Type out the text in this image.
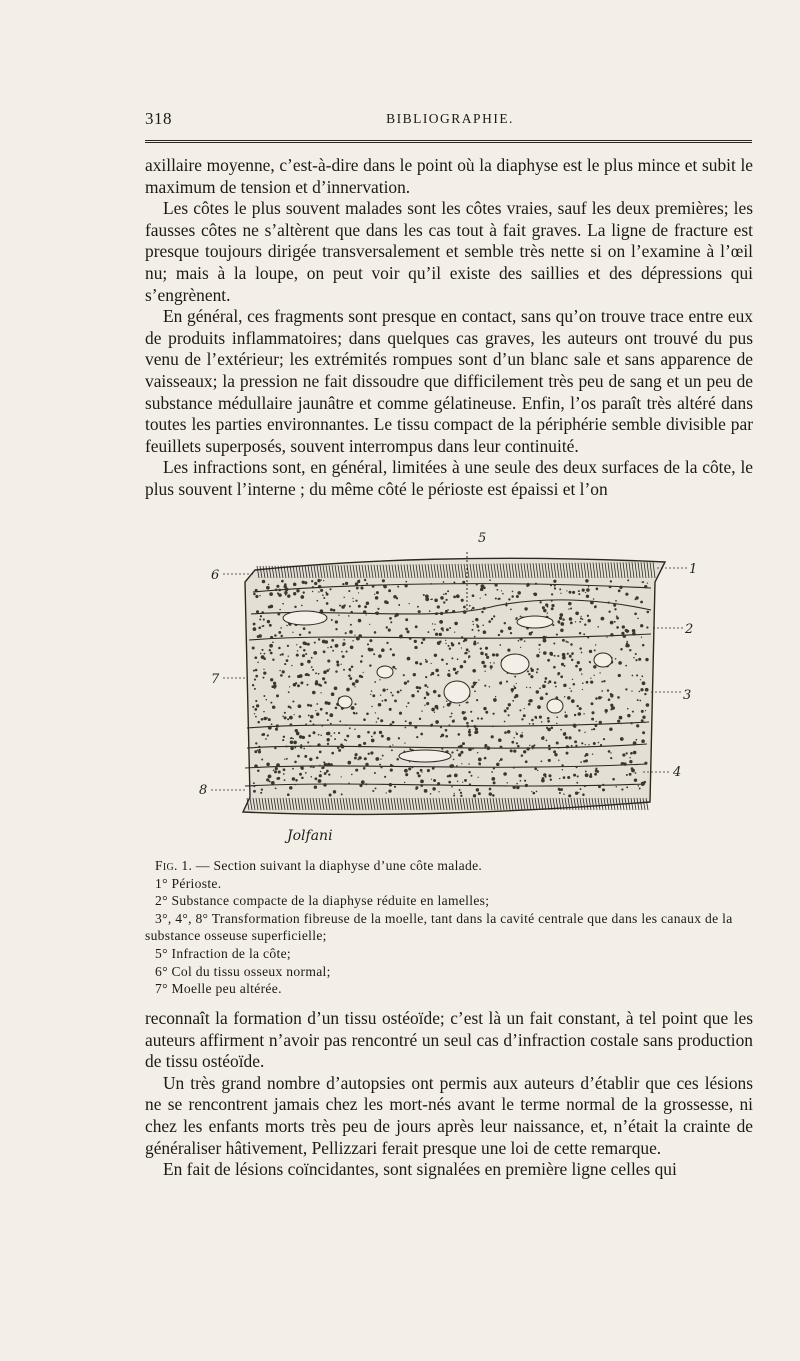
318	BIBLIOGRAPHIE.

axillaire moyenne, c’est-à-dire dans le point où la diaphyse est le plus mince et subit le maximum de tension et d’innervation.

Les côtes le plus souvent malades sont les côtes vraies, sauf les deux premières; les fausses côtes ne s’altèrent que dans les cas tout à fait graves. La ligne de fracture est presque toujours dirigée transversalement et semble très nette si on l’examine à l’œil nu; mais à la loupe, on peut voir qu’il existe des saillies et des dépressions qui s’engrènent.

En général, ces fragments sont presque en contact, sans qu’on trouve trace entre eux de produits inflammatoires; dans quelques cas graves, les auteurs ont trouvé du pus venu de l’extérieur; les extrémités rompues sont d’un blanc sale et sans apparence de vaisseaux; la pression ne fait dissoudre que difficilement très peu de sang et un peu de substance médullaire jaunâtre et comme gélatineuse. Enfin, l’os paraît très altéré dans toutes les parties environnantes. Le tissu compact de la périphérie semble divisible par feuillets superposés, souvent interrompus dans leur continuité.

Les infractions sont, en général, limitées à une seule des deux surfaces de la côte, le plus souvent l’interne ; du même côté le périoste est épaissi et l’on

5
6	1
2
7
3
4
8
Jolfani
Fig. 1. — Section suivant la diaphyse d’une côte malade.
1° Périoste.
2° Substance compacte de la diaphyse réduite en lamelles;
3°, 4°, 8° Transformation fibreuse de la moelle, tant dans la cavité centrale que dans les canaux de la substance osseuse superficielle;
5° Infraction de la côte;
6° Col du tissu osseux normal;
7° Moelle peu altérée.

reconnaît la formation d’un tissu ostéoïde; c’est là un fait constant, à tel point que les auteurs affirment n’avoir pas rencontré un seul cas d’infraction costale sans production de tissu ostéoïde.

Un très grand nombre d’autopsies ont permis aux auteurs d’établir que ces lésions ne se rencontrent jamais chez les mort-nés avant le terme normal de la grossesse, ni chez les enfants morts très peu de jours après leur naissance, et, n’était la crainte de généraliser hâtivement, Pellizzari ferait presque une loi de cette remarque.

En fait de lésions coïncidantes, sont signalées en première ligne celles qui
